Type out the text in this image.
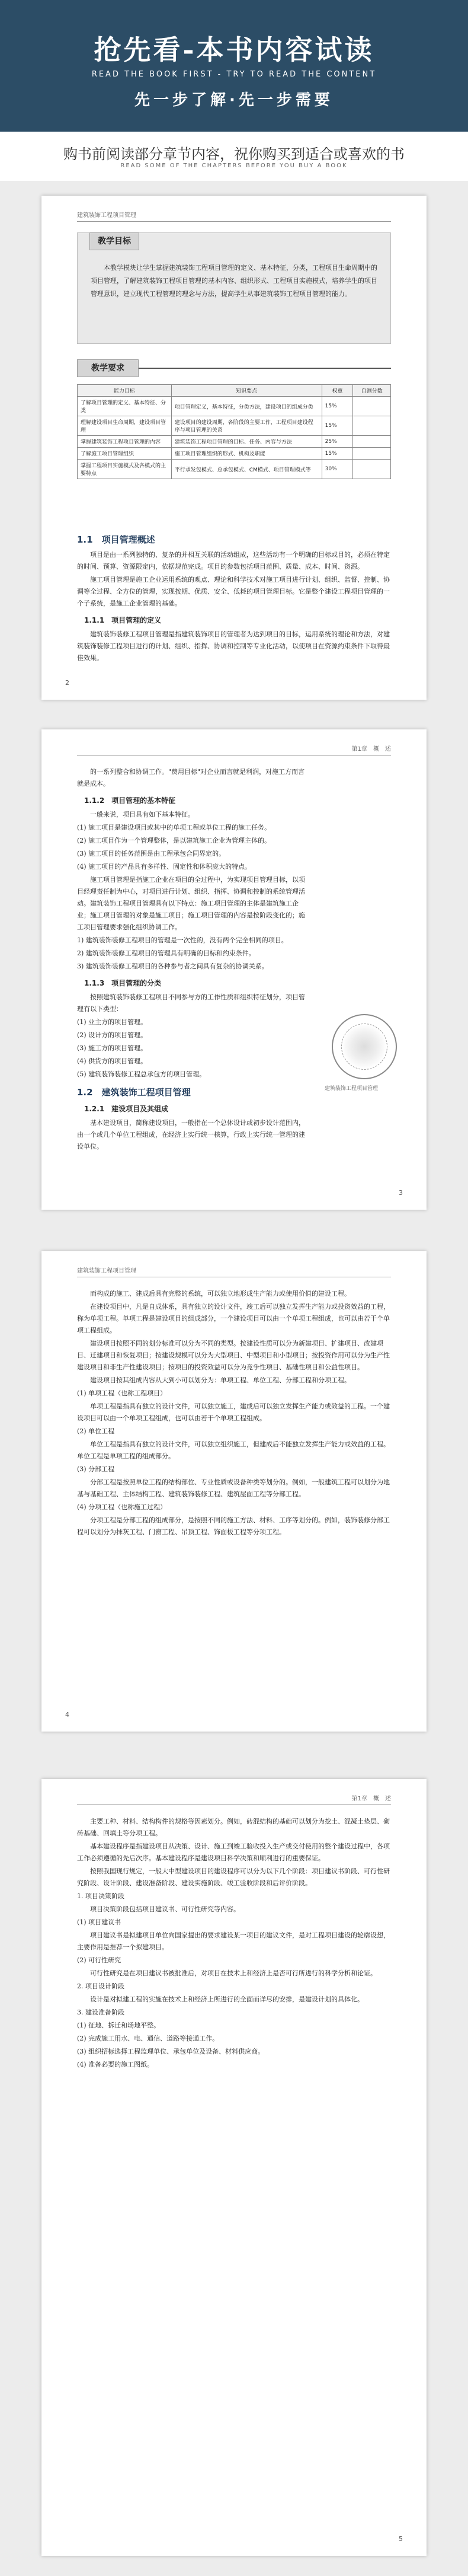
抢先看-本书内容试读
READ THE BOOK FIRST - TRY TO READ THE CONTENT
先一步了解·先一步需要
购书前阅读部分章节内容，祝你购买到适合或喜欢的书
READ SOME OF THE CHAPTERS BEFORE YOU BUY A BOOK
建筑装饰工程项目管理
教学目标
本教学模块让学生掌握建筑装饰工程项目管理的定义、基本特征，分类，工程项目生命周期中的项目管理，了解建筑装饰工程项目管理的基本内容、组织形式、工程项目实施模式，培养学生的项目管理意识，建立现代工程管理的理念与方法，提高学生从事建筑装饰工程项目管理的能力。
教学要求
能力目标	知识要点	权重	自测分数
了解项目管理的定义、基本特征、分类	项目管理定义，基本特征，分类方法，建设项目的组成分类	15%	
理解建设项目生命周期，建设项目管理	建设项目的建设周期，各阶段的主要工作，工程项目建设程序与项目管理的关系	15%	
掌握建筑装饰工程项目管理的内容	建筑装饰工程项目管理的目标、任务、内容与方法	25%	
了解施工项目管理组织	施工项目管理组织的形式、机构及职能	15%	
掌握工程项目实施模式及各模式的主要特点	平行承发包模式、总承包模式、CM模式、项目管理模式等	30%	
1.1　项目管理概述

项目是由一系列独特的、复杂的并相互关联的活动组成，这些活动有一个明确的目标或目的，必须在特定的时间、预算、资源限定内，依据规范完成。项目的参数包括项目范围、质量、成本、时间、资源。

施工项目管理是施工企业运用系统的观点、理论和科学技术对施工项目进行计划、组织、监督、控制、协调等全过程、全方位的管理，实现按期、优质、安全、低耗的项目管理目标。它是整个建设工程项目管理的一个子系统，是施工企业管理的基础。

1.1.1　项目管理的定义

建筑装饰装修工程项目管理是指建筑装饰项目的管理者为达到项目的目标，运用系统的理论和方法，对建筑装饰装修工程项目进行的计划、组织、指挥、协调和控制等专业化活动，以使项目在资源约束条件下取得最佳效果。

2
第1章　概　述

的一系列整合和协调工作。"费用目标"对企业而言就是利润，对施工方而言就是成本。

1.1.2　项目管理的基本特征

一般来说，项目具有如下基本特征。

(1) 施工项目是建设项目或其中的单项工程或单位工程的施工任务。

(2) 施工项目作为一个管理整体，是以建筑施工企业为管理主体的。

(3) 施工项目的任务范围是由工程承包合同界定的。

(4) 施工项目的产品具有多样性、固定性和体积庞大的特点。

施工项目管理是指施工企业在项目的全过程中，为实现项目管理目标，以项目经理责任制为中心，对项目进行计划、组织、指挥、协调和控制的系统管理活动。建筑装饰工程项目管理具有以下特点：施工项目管理的主体是建筑施工企业；施工项目管理的对象是施工项目；施工项目管理的内容是按阶段变化的；施工项目管理要求强化组织协调工作。

1) 建筑装饰装修工程项目的管理是一次性的，没有两个完全相同的项目。

2) 建筑装饰装修工程项目的管理具有明确的目标和约束条件。

3) 建筑装饰装修工程项目的各种参与者之间具有复杂的协调关系。

1.1.3　项目管理的分类

按照建筑装饰装修工程项目不同参与方的工作性质和组织特征划分，项目管理有以下类型：

(1) 业主方的项目管理。

(2) 设计方的项目管理。

(3) 施工方的项目管理。

(4) 供货方的项目管理。

(5) 建筑装饰装修工程总承包方的项目管理。

1.2　建筑装饰工程项目管理
1.2.1　建设项目及其组成

基本建设项目，简称建设项目，一般指在一个总体设计或初步设计范围内，由一个或几个单位工程组成，在经济上实行统一核算，行政上实行统一管理的建设单位。

建筑装饰工程项目管理
3
建筑装饰工程项目管理

而构成的施工、建成后具有完整的系统，可以独立地形成生产能力或使用价值的建设工程。

在建设项目中，凡是自成体系，具有独立的设计文件，竣工后可以独立发挥生产能力或投资效益的工程，称为单项工程。单项工程是建设项目的组成部分，一个建设项目可以由一个单项工程组成，也可以由若干个单项工程组成。

建设项目按照不同的划分标准可以分为不同的类型。按建设性质可以分为新建项目、扩建项目、改建项目、迁建项目和恢复项目；按建设规模可以分为大型项目、中型项目和小型项目；按投资作用可以分为生产性建设项目和非生产性建设项目；按项目的投资效益可以分为竞争性项目、基础性项目和公益性项目。

建设项目按其组成内容从大到小可以划分为：单项工程、单位工程、分部工程和分项工程。

(1) 单项工程（也称工程项目）

单项工程是指具有独立的设计文件，可以独立施工，建成后可以独立发挥生产能力或效益的工程。一个建设项目可以由一个单项工程组成，也可以由若干个单项工程组成。

(2) 单位工程

单位工程是指具有独立的设计文件，可以独立组织施工，但建成后不能独立发挥生产能力或效益的工程。单位工程是单项工程的组成部分。

(3) 分部工程

分部工程是按照单位工程的结构部位、专业性质或设备种类等划分的。例如，一般建筑工程可以划分为地基与基础工程、主体结构工程、建筑装饰装修工程、建筑屋面工程等分部工程。

(4) 分项工程（也称施工过程）

分项工程是分部工程的组成部分，是按照不同的施工方法、材料、工序等划分的。例如，装饰装修分部工程可以划分为抹灰工程、门窗工程、吊顶工程、饰面板工程等分项工程。

4
第1章　概　述

主要工种、材料、结构构件的规格等因素划分。例如，砖混结构的基础可以划分为挖土、混凝土垫层、砌砖基础、回填土等分项工程。

基本建设程序是指建设项目从决策、设计、施工到竣工验收投入生产或交付使用的整个建设过程中，各项工作必须遵循的先后次序。基本建设程序是建设项目科学决策和顺利进行的重要保证。

按照我国现行规定，一般大中型建设项目的建设程序可以分为以下几个阶段：项目建议书阶段、可行性研究阶段、设计阶段、建设准备阶段、建设实施阶段、竣工验收阶段和后评价阶段。

1. 项目决策阶段

项目决策阶段包括项目建议书、可行性研究等内容。

(1) 项目建议书

项目建议书是拟建项目单位向国家提出的要求建设某一项目的建议文件，是对工程项目建设的轮廓设想，主要作用是推荐一个拟建项目。

(2) 可行性研究

可行性研究是在项目建议书被批准后，对项目在技术上和经济上是否可行所进行的科学分析和论证。

2. 项目设计阶段

设计是对拟建工程的实施在技术上和经济上所进行的全面而详尽的安排，是建设计划的具体化。

3. 建设准备阶段

(1) 征地、拆迁和场地平整。

(2) 完成施工用水、电、通信、道路等接通工作。

(3) 组织招标选择工程监理单位、承包单位及设备、材料供应商。

(4) 准备必要的施工图纸。

5
